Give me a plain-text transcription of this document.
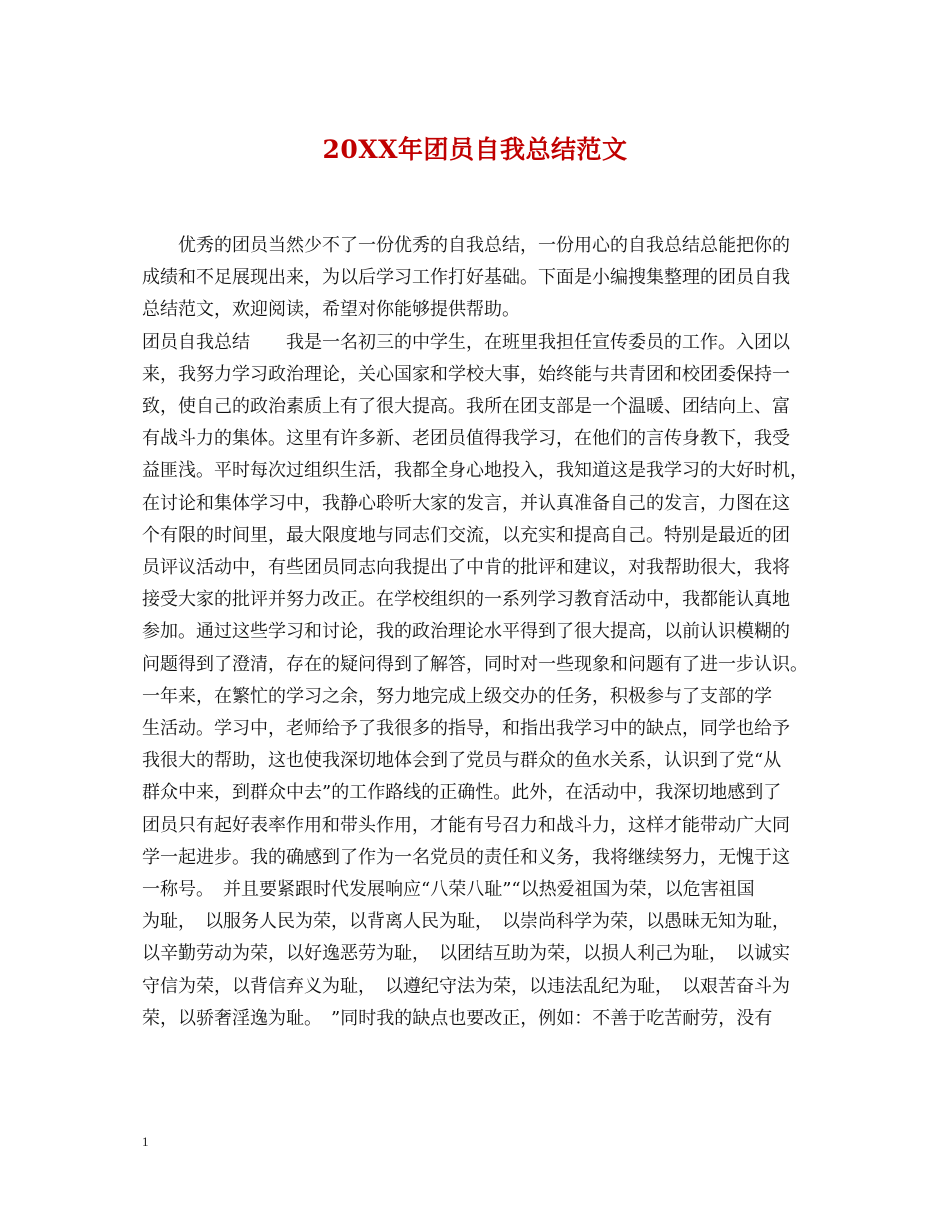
20XX年团员自我总结范文
　　优秀的团员当然少不了一份优秀的自我总结，一份用心的自我总结总能把你的
成绩和不足展现出来，为以后学习工作打好基础。下面是小编搜集整理的团员自我
总结范文，欢迎阅读，希望对你能够提供帮助。
团员自我总结　　我是一名初三的中学生，在班里我担任宣传委员的工作。入团以
来，我努力学习政治理论，关心国家和学校大事，始终能与共青团和校团委保持一
致，使自己的政治素质上有了很大提高。我所在团支部是一个温暖、团结向上、富
有战斗力的集体。这里有许多新、老团员值得我学习，在他们的言传身教下，我受
益匪浅。平时每次过组织生活，我都全身心地投入，我知道这是我学习的大好时机，
在讨论和集体学习中，我静心聆听大家的发言，并认真准备自己的发言，力图在这
个有限的时间里，最大限度地与同志们交流，以充实和提高自己。特别是最近的团
员评议活动中，有些团员同志向我提出了中肯的批评和建议，对我帮助很大，我将
接受大家的批评并努力改正。在学校组织的一系列学习教育活动中，我都能认真地
参加。通过这些学习和讨论，我的政治理论水平得到了很大提高，以前认识模糊的
问题得到了澄清，存在的疑问得到了解答，同时对一些现象和问题有了进一步认识。
一年来，在繁忙的学习之余，努力地完成上级交办的任务，积极参与了支部的学
生活动。学习中，老师给予了我很多的指导，和指出我学习中的缺点，同学也给予
我很大的帮助，这也使我深切地体会到了党员与群众的鱼水关系，认识到了党“从
群众中来，到群众中去”的工作路线的正确性。此外，在活动中，我深切地感到了
团员只有起好表率作用和带头作用，才能有号召力和战斗力，这样才能带动广大同
学一起进步。我的确感到了作为一名党员的责任和义务，我将继续努力，无愧于这
一称号。　并且要紧跟时代发展响应“八荣八耻”“以热爱祖国为荣，以危害祖国
为耻，　以服务人民为荣，以背离人民为耻，　以崇尚科学为荣，以愚昧无知为耻，
以辛勤劳动为荣，以好逸恶劳为耻，　以团结互助为荣，以损人利己为耻，　以诚实
守信为荣，以背信弃义为耻，　以遵纪守法为荣，以违法乱纪为耻，　以艰苦奋斗为
荣，以骄奢淫逸为耻。　”同时我的缺点也要改正，例如：不善于吃苦耐劳，没有
1
